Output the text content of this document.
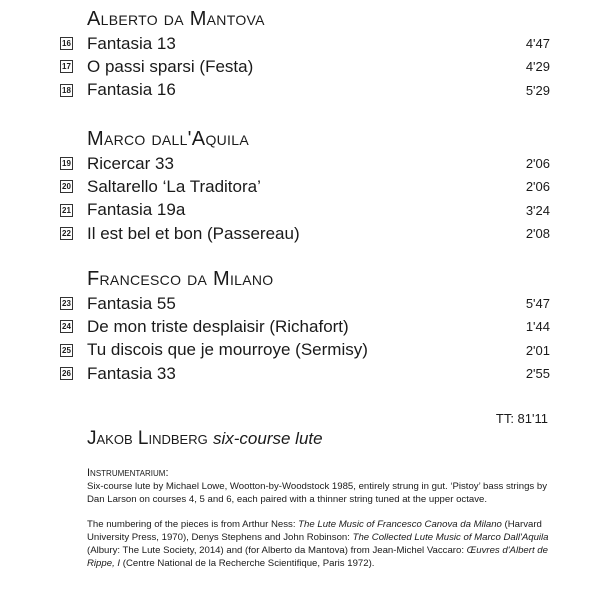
Alberto da Mantova
16 Fantasia 13	4'47
17 O passi sparsi (Festa)	4'29
18 Fantasia 16	5'29
Marco dall'Aquila
19 Ricercar 33	2'06
20 Saltarello ‘La Traditora’	2'06
21 Fantasia 19a	3'24
22 Il est bel et bon (Passereau)	2'08
Francesco da Milano
23 Fantasia 55	5'47
24 De mon triste desplaisir (Richafort)	1'44
25 Tu discois que je mourroye (Sermisy)	2'01
26 Fantasia 33	2'55
TT: 81'11
Jakob Lindberg six-course lute

Instrumentarium:
Six-course lute by Michael Lowe, Wootton-by-Woodstock 1985, entirely strung in gut. ‘Pistoy’ bass strings by Dan Larson on courses 4, 5 and 6, each paired with a thinner string tuned at the upper octave.

The numbering of the pieces is from Arthur Ness: The Lute Music of Francesco Canova da Milano (Harvard University Press, 1970), Denys Stephens and John Robinson: The Collected Lute Music of Marco Dall'Aquila (Albury: The Lute Society, 2014) and (for Alberto da Mantova) from Jean-Michel Vaccaro: Œuvres d'Albert de Rippe, I (Centre National de la Recherche Scientifique, Paris 1972).
